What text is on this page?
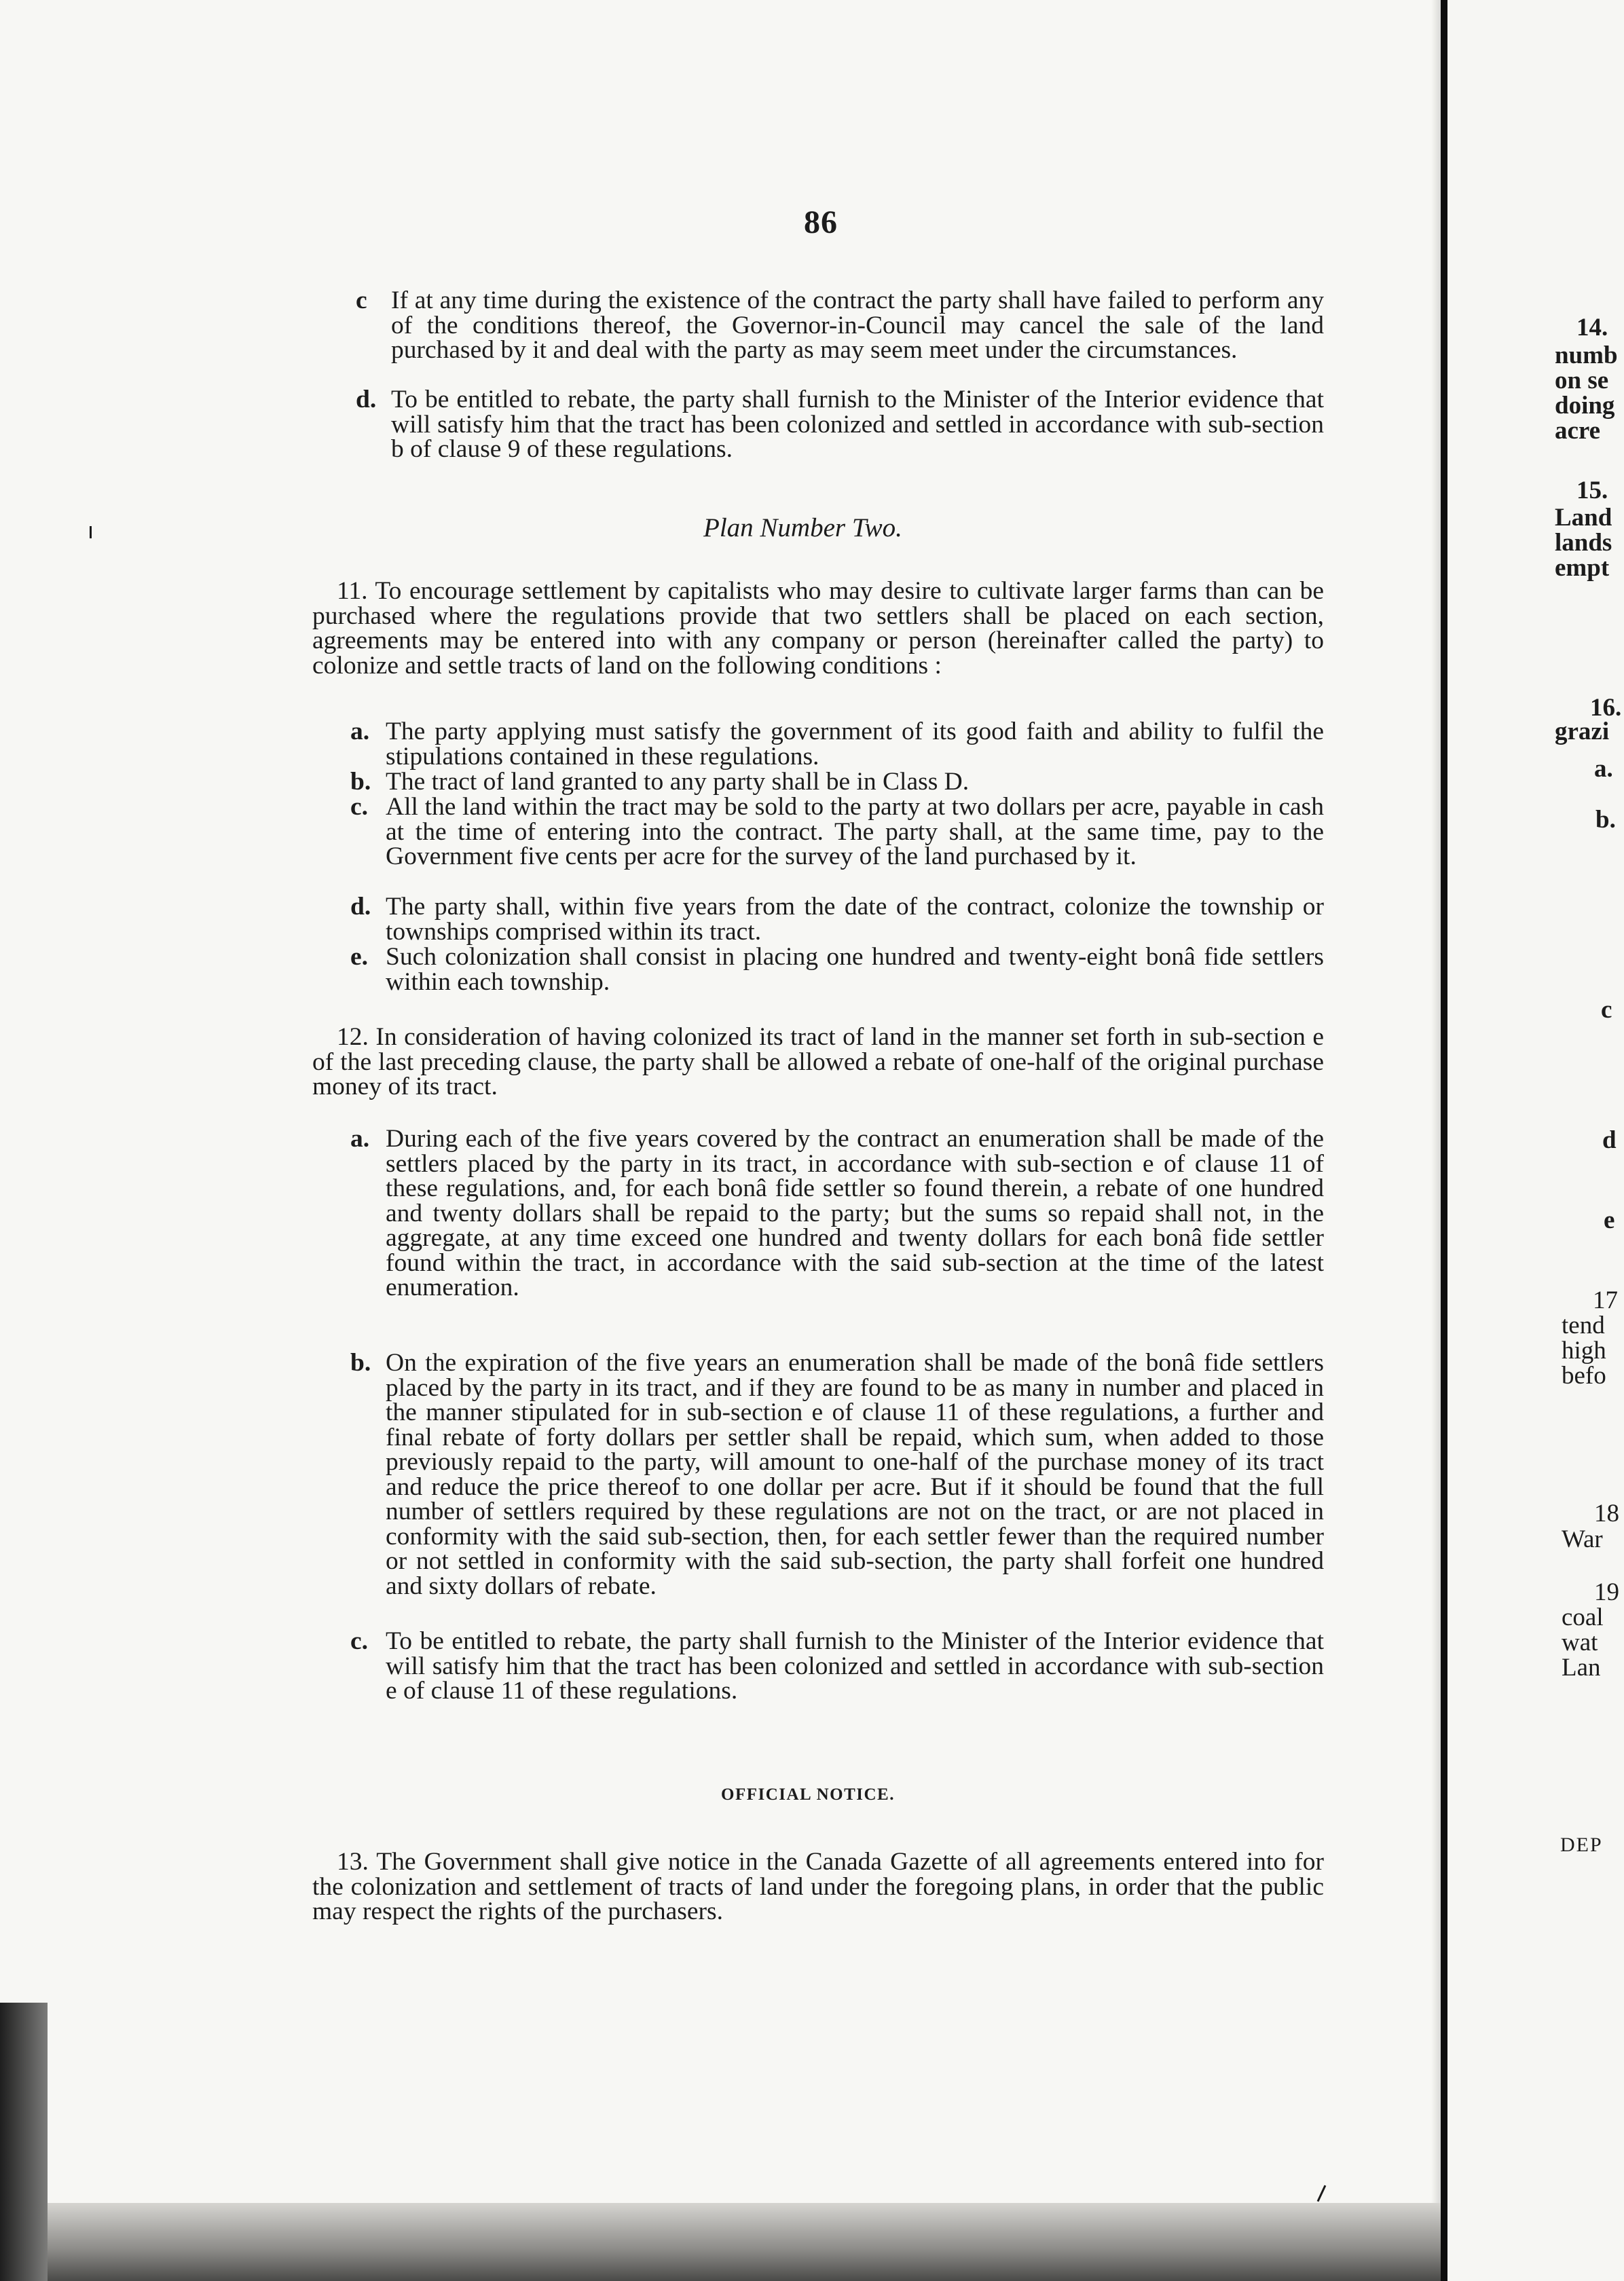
86
c If at any time during the existence of the contract the party shall have failed to perform any of the conditions thereof, the Governor-in-Council may cancel the sale of the land purchased by it and deal with the party as may seem meet under the circumstances.
d. To be entitled to rebate, the party shall furnish to the Minister of the Interior evidence that will satisfy him that the tract has been colonized and settled in accordance with sub-section b of clause 9 of these regulations.
Plan Number Two.
11. To encourage settlement by capitalists who may desire to cultivate larger farms than can be purchased where the regulations provide that two settlers shall be placed on each section, agreements may be entered into with any company or person (hereinafter called the party) to colonize and settle tracts of land on the following conditions :
a. The party applying must satisfy the government of its good faith and ability to fulfil the stipulations contained in these regulations.
b. The tract of land granted to any party shall be in Class D.
c. All the land within the tract may be sold to the party at two dollars per acre, payable in cash at the time of entering into the contract. The party shall, at the same time, pay to the Government five cents per acre for the survey of the land purchased by it.
d. The party shall, within five years from the date of the contract, colonize the township or townships comprised within its tract.
e. Such colonization shall consist in placing one hundred and twenty-eight bonâ fide settlers within each township.
12. In consideration of having colonized its tract of land in the manner set forth in sub-section e of the last preceding clause, the party shall be allowed a rebate of one-half of the original purchase money of its tract.
a. During each of the five years covered by the contract an enumeration shall be made of the settlers placed by the party in its tract, in accordance with sub-section e of clause 11 of these regulations, and, for each bonâ fide settler so found therein, a rebate of one hundred and twenty dollars shall be repaid to the party; but the sums so repaid shall not, in the aggregate, at any time exceed one hundred and twenty dollars for each bonâ fide settler found within the tract, in accordance with the said sub-section at the time of the latest enumeration.
b. On the expiration of the five years an enumeration shall be made of the bonâ fide settlers placed by the party in its tract, and if they are found to be as many in number and placed in the manner stipulated for in sub-section e of clause 11 of these regulations, a further and final rebate of forty dollars per settler shall be repaid, which sum, when added to those previously repaid to the party, will amount to one-half of the purchase money of its tract and reduce the price thereof to one dollar per acre. But if it should be found that the full number of settlers required by these regulations are not on the tract, or are not placed in conformity with the said sub-section, then, for each settler fewer than the required number or not settled in conformity with the said sub-section, the party shall forfeit one hundred and sixty dollars of rebate.
c. To be entitled to rebate, the party shall furnish to the Minister of the Interior evidence that will satisfy him that the tract has been colonized and settled in accordance with sub-section e of clause 11 of these regulations.
OFFICIAL NOTICE.
13. The Government shall give notice in the Canada Gazette of all agreements entered into for the colonization and settlement of tracts of land under the foregoing plans, in order that the public may respect the rights of the purchasers.
14.
numb
on se
doing
acre
15.
Land
lands
empt
16.
grazi
a.
b.
c
d
e
17
tend
high
befo
18
War
19
coal
wat
Lan
DEP
